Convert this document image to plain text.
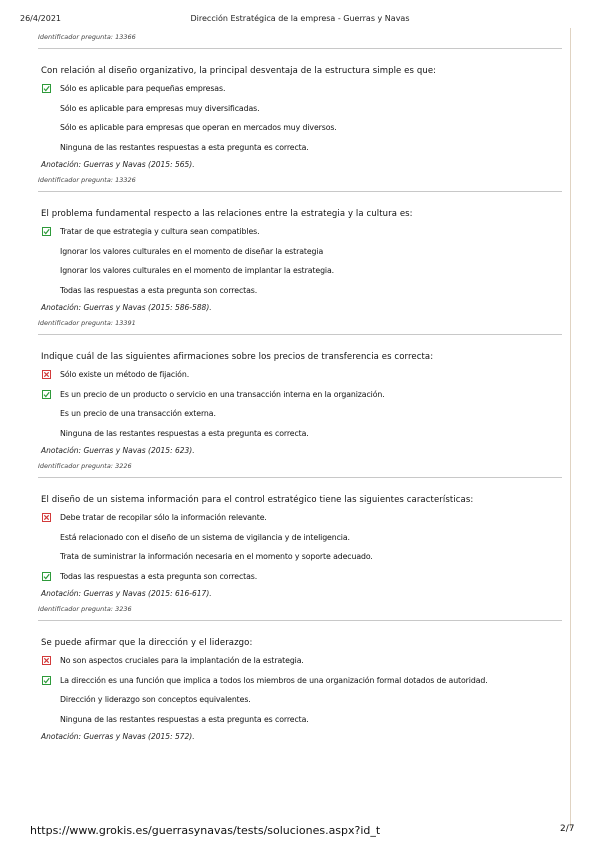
26/4/2021	Dirección Estratégica de la empresa - Guerras y Navas
Identificador pregunta: 13366
Con relación al diseño organizativo, la principal desventaja de la estructura simple es que:
Sólo es aplicable para pequeñas empresas.
Sólo es aplicable para empresas muy diversificadas.
Sólo es aplicable para empresas que operan en mercados muy diversos.
Ninguna de las restantes respuestas a esta pregunta es correcta.
Anotación: Guerras y Navas (2015: 565).
Identificador pregunta: 13326
El problema fundamental respecto a las relaciones entre la estrategia y la cultura es:
Tratar de que estrategia y cultura sean compatibles.
Ignorar los valores culturales en el momento de diseñar la estrategia
Ignorar los valores culturales en el momento de implantar la estrategia.
Todas las respuestas a esta pregunta son correctas.
Anotación: Guerras y Navas (2015: 586-588).
Identificador pregunta: 13391
Indique cuál de las siguientes afirmaciones sobre los precios de transferencia es correcta:
Sólo existe un método de fijación.
Es un precio de un producto o servicio en una transacción interna en la organización.
Es un precio de una transacción externa.
Ninguna de las restantes respuestas a esta pregunta es correcta.
Anotación: Guerras y Navas (2015: 623).
Identificador pregunta: 3226
El diseño de un sistema información para el control estratégico tiene las siguientes características:
Debe tratar de recopilar sólo la información relevante.
Está relacionado con el diseño de un sistema de vigilancia y de inteligencia.
Trata de suministrar la información necesaria en el momento y soporte adecuado.
Todas las respuestas a esta pregunta son correctas.
Anotación: Guerras y Navas (2015: 616-617).
Identificador pregunta: 3236
Se puede afirmar que la dirección y el liderazgo:
No son aspectos cruciales para la implantación de la estrategia.
La dirección es una función que implica a todos los miembros de una organización formal dotados de autoridad.
Dirección y liderazgo son conceptos equivalentes.
Ninguna de las restantes respuestas a esta pregunta es correcta.
Anotación: Guerras y Navas (2015: 572).
https://www.grokis.es/guerrasynavas/tests/soluciones.aspx?id_t	2/7
